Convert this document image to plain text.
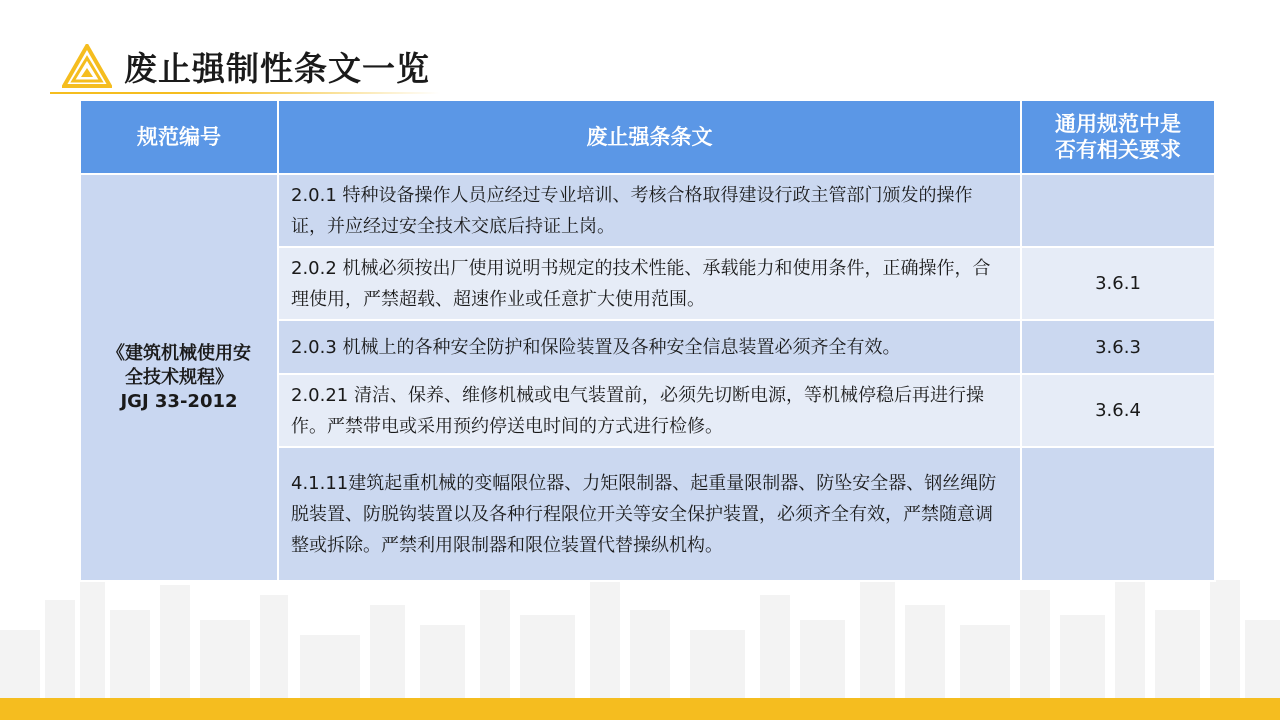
废止强制性条文一览
规范编号	废止强条条文	通用规范中是
否有相关要求
《建筑机械使用安
全技术规程》
JGJ 33-2012	2.0.1 特种设备操作人员应经过专业培训、考核合格取得建设行政主管部门颁发的操作证，并应经过安全技术交底后持证上岗。	
	2.0.2 机械必须按出厂使用说明书规定的技术性能、承载能力和使用条件，正确操作，合理使用，严禁超载、超速作业或任意扩大使用范围。	3.6.1
	2.0.3 机械上的各种安全防护和保险装置及各种安全信息装置必须齐全有效。	3.6.3
	2.0.21 清洁、保养、维修机械或电气装置前，必须先切断电源，等机械停稳后再进行操作。严禁带电或采用预约停送电时间的方式进行检修。	3.6.4
	4.1.11建筑起重机械的变幅限位器、力矩限制器、起重量限制器、防坠安全器、钢丝绳防脱装置、防脱钩装置以及各种行程限位开关等安全保护装置，必须齐全有效，严禁随意调整或拆除。严禁利用限制器和限位装置代替操纵机构。	
